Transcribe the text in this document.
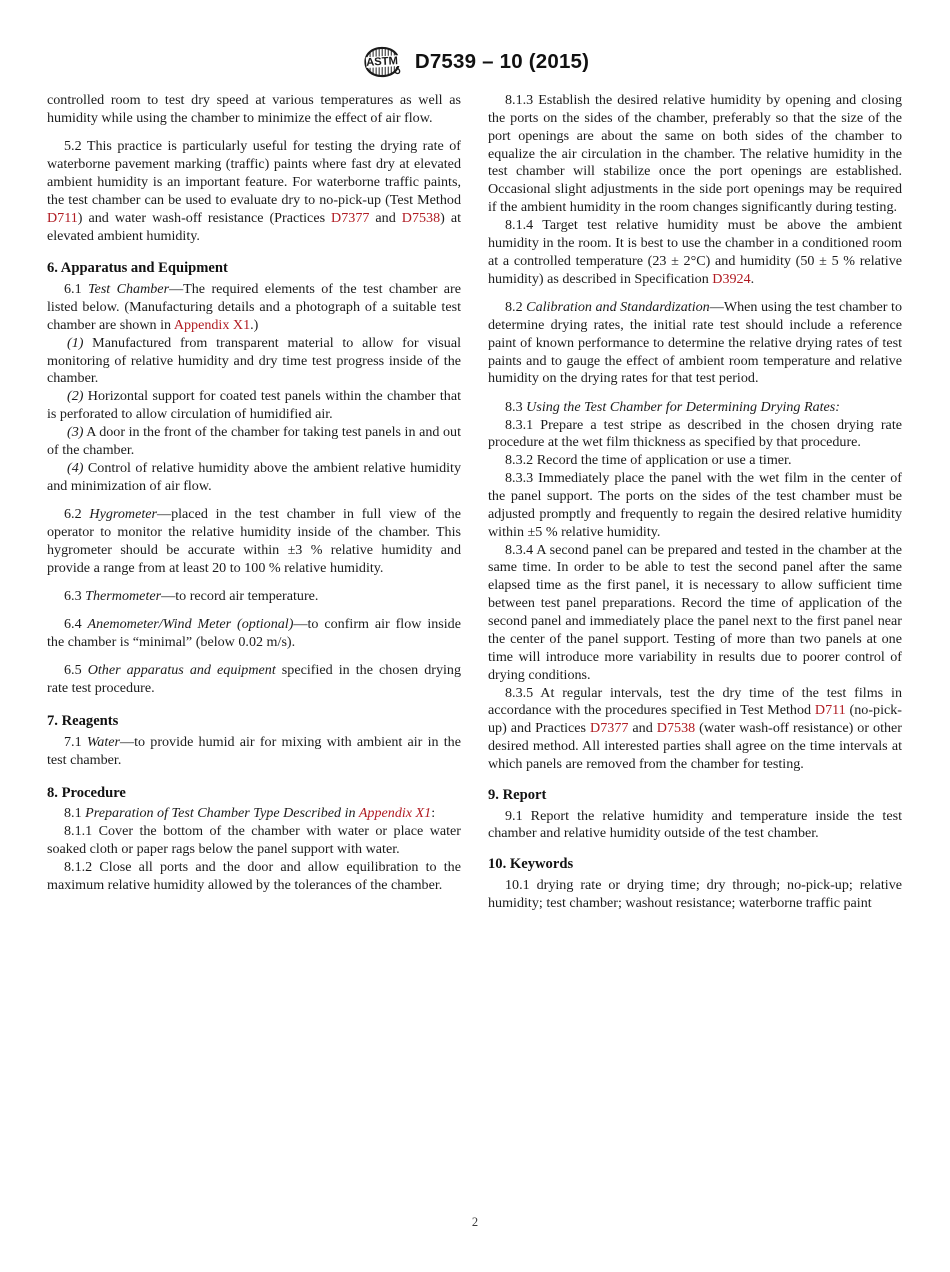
ASTM D7539 – 10 (2015)

controlled room to test dry speed at various temperatures as well as humidity while using the chamber to minimize the effect of air flow.

5.2 This practice is particularly useful for testing the drying rate of waterborne pavement marking (traffic) paints where fast dry at elevated ambient humidity is an important feature. For waterborne traffic paints, the test chamber can be used to evaluate dry to no-pick-up (Test Method D711) and water wash-off resistance (Practices D7377 and D7538) at elevated ambient humidity.

6. Apparatus and Equipment

6.1 Test Chamber—The required elements of the test chamber are listed below. (Manufacturing details and a photograph of a suitable test chamber are shown in Appendix X1.)

(1) Manufactured from transparent material to allow for visual monitoring of relative humidity and dry time test progress inside of the chamber.

(2) Horizontal support for coated test panels within the chamber that is perforated to allow circulation of humidified air.

(3) A door in the front of the chamber for taking test panels in and out of the chamber.

(4) Control of relative humidity above the ambient relative humidity and minimization of air flow.

6.2 Hygrometer—placed in the test chamber in full view of the operator to monitor the relative humidity inside of the chamber. This hygrometer should be accurate within ±3 % relative humidity and provide a range from at least 20 to 100 % relative humidity.

6.3 Thermometer—to record air temperature.

6.4 Anemometer/Wind Meter (optional)—to confirm air flow inside the chamber is “minimal” (below 0.02 m/s).

6.5 Other apparatus and equipment specified in the chosen drying rate test procedure.

7. Reagents

7.1 Water—to provide humid air for mixing with ambient air in the test chamber.

8. Procedure

8.1 Preparation of Test Chamber Type Described in Appendix X1:

8.1.1 Cover the bottom of the chamber with water or place water soaked cloth or paper rags below the panel support with water.

8.1.2 Close all ports and the door and allow equilibration to the maximum relative humidity allowed by the tolerances of the chamber.

8.1.3 Establish the desired relative humidity by opening and closing the ports on the sides of the chamber, preferably so that the size of the port openings are about the same on both sides of the chamber to equalize the air circulation in the chamber. The relative humidity in the test chamber will stabilize once the port openings are established. Occasional slight adjustments in the side port openings may be required if the ambient humidity in the room changes significantly during testing.

8.1.4 Target test relative humidity must be above the ambient humidity in the room. It is best to use the chamber in a conditioned room at a controlled temperature (23 ± 2°C) and humidity (50 ± 5 % relative humidity) as described in Specification D3924.

8.2 Calibration and Standardization—When using the test chamber to determine drying rates, the initial rate test should include a reference paint of known performance to determine the relative drying rates of test paints and to gauge the effect of ambient room temperature and relative humidity on the drying rates for that test period.

8.3 Using the Test Chamber for Determining Drying Rates:

8.3.1 Prepare a test stripe as described in the chosen drying rate procedure at the wet film thickness as specified by that procedure.

8.3.2 Record the time of application or use a timer.

8.3.3 Immediately place the panel with the wet film in the center of the panel support. The ports on the sides of the test chamber must be adjusted promptly and frequently to regain the desired relative humidity within ±5 % relative humidity.

8.3.4 A second panel can be prepared and tested in the chamber at the same time. In order to be able to test the second panel after the same elapsed time as the first panel, it is necessary to allow sufficient time between test panel preparations. Record the time of application of the second panel and immediately place the panel next to the first panel near the center of the panel support. Testing of more than two panels at one time will introduce more variability in results due to poorer control of drying conditions.

8.3.5 At regular intervals, test the dry time of the test films in accordance with the procedures specified in Test Method D711 (no-pick-up) and Practices D7377 and D7538 (water wash-off resistance) or other desired method. All interested parties shall agree on the time intervals at which panels are removed from the chamber for testing.

9. Report

9.1 Report the relative humidity and temperature inside the test chamber and relative humidity outside of the test chamber.

10. Keywords

10.1 drying rate or drying time; dry through; no-pick-up; relative humidity; test chamber; washout resistance; waterborne traffic paint

2
